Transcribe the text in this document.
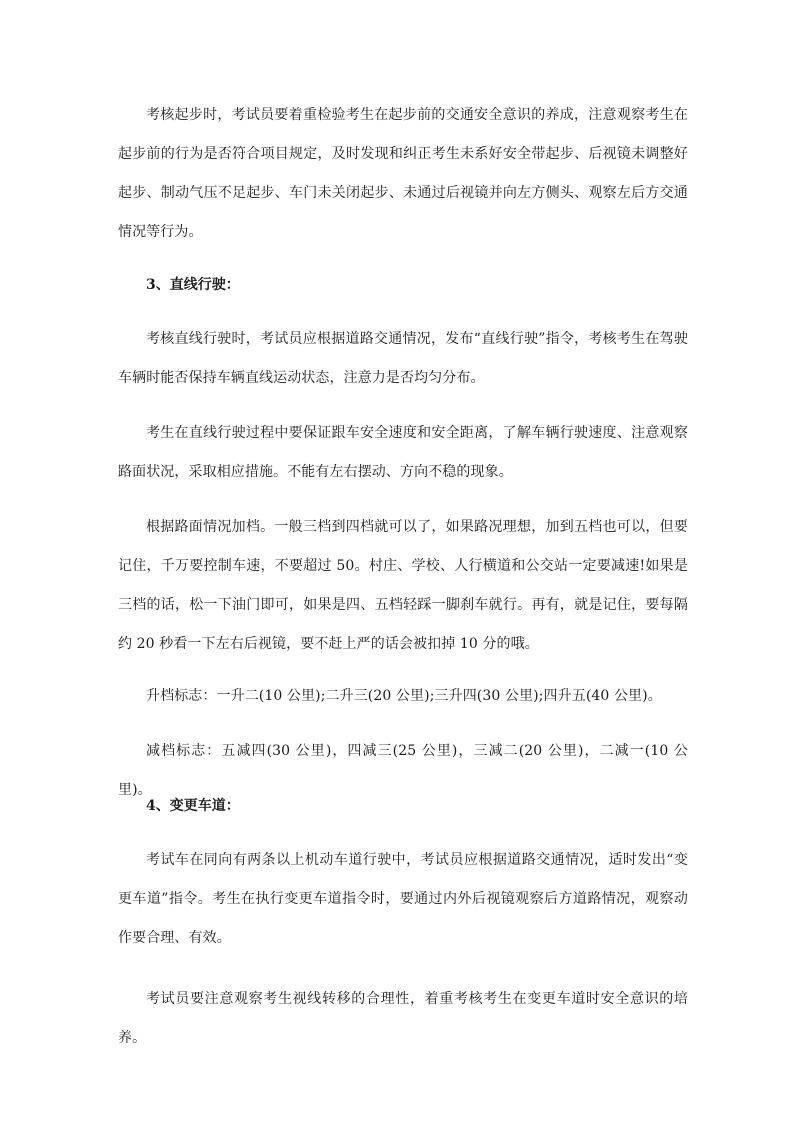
考核起步时，考试员要着重检验考生在起步前的交通安全意识的养成，注意观察考生在起步前的行为是否符合项目规定，及时发现和纠正考生未系好安全带起步、后视镜未调整好起步、制动气压不足起步、车门未关闭起步、未通过后视镜并向左方侧头、观察左后方交通情况等行为。

3、直线行驶：

考核直线行驶时，考试员应根据道路交通情况，发布“直线行驶”指令，考核考生在驾驶车辆时能否保持车辆直线运动状态，注意力是否均匀分布。

考生在直线行驶过程中要保证跟车安全速度和安全距离，了解车辆行驶速度、注意观察路面状况，采取相应措施。不能有左右摆动、方向不稳的现象。

根据路面情况加档。一般三档到四档就可以了，如果路况理想，加到五档也可以，但要记住，千万要控制车速，不要超过 50。村庄、学校、人行横道和公交站一定要减速!如果是三档的话，松一下油门即可，如果是四、五档轻踩一脚刹车就行。再有，就是记住，要每隔约 20 秒看一下左右后视镜，要不赶上严的话会被扣掉 10 分的哦。

升档标志：一升二(10 公里);二升三(20 公里);三升四(30 公里);四升五(40 公里)。

减档标志：五减四(30 公里)，四减三(25 公里)，三减二(20 公里)，二减一(10 公里)。

4、变更车道：

考试车在同向有两条以上机动车道行驶中，考试员应根据道路交通情况，适时发出“变更车道”指令。考生在执行变更车道指令时，要通过内外后视镜观察后方道路情况，观察动作要合理、有效。

考试员要注意观察考生视线转移的合理性，着重考核考生在变更车道时安全意识的培养。
